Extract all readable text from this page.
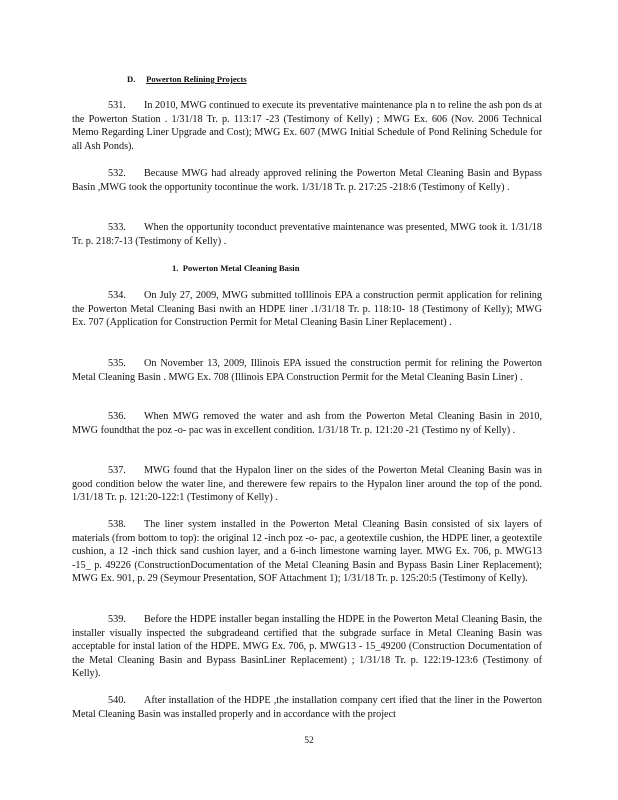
D. Powerton Relining Projects

531. In 2010, MWG continued to execute its preventative maintenance pla n to reline the ash pon ds at the Powerton Station . 1/31/18 Tr. p. 113:17 -23 (Testimony of Kelly) ; MWG Ex. 606 (Nov. 2006 Technical Memo Regarding Liner Upgrade and Cost); MWG Ex. 607 (MWG Initial Schedule of Pond Relining Schedule for all Ash Ponds).

532. Because MWG had already approved relining the Powerton Metal Cleaning Basin and Bypass Basin ,MWG took the opportunity tocontinue the work. 1/31/18 Tr. p. 217:25 -218:6 (Testimony of Kelly) .

533. When the opportunity toconduct preventative maintenance was presented, MWG took it. 1/31/18 Tr. p. 218:7-13 (Testimony of Kelly) .

1. Powerton Metal Cleaning Basin

534. On July 27, 2009, MWG submitted toIllinois EPA a construction permit application for relining the Powerton Metal Cleaning Basi nwith an HDPE liner .1/31/18 Tr. p. 118:10- 18 (Testimony of Kelly); MWG Ex. 707 (Application for Construction Permit for Metal Cleaning Basin Liner Replacement) .

535. On November 13, 2009, Illinois EPA issued the construction permit for relining the Powerton Metal Cleaning Basin . MWG Ex. 708 (Illinois EPA Construction Permit for the Metal Cleaning Basin Liner) .

536. When MWG removed the water and ash from the Powerton Metal Cleaning Basin in 2010, MWG foundthat the poz -o- pac was in excellent condition. 1/31/18 Tr. p. 121:20 -21 (Testimo ny of Kelly) .

537. MWG found that the Hypalon liner on the sides of the Powerton Metal Cleaning Basin was in good condition below the water line, and therewere few repairs to the Hypalon liner around the top of the pond. 1/31/18 Tr. p. 121:20-122:1 (Testimony of Kelly) .

538. The liner system installed in the Powerton Metal Cleaning Basin consisted of six layers of materials (from bottom to top): the original 12 -inch poz -o- pac, a geotextile cushion, the HDPE liner, a geotextile cushion, a 12 -inch thick sand cushion layer, and a 6-inch limestone warning layer. MWG Ex. 706, p. MWG13 -15_ p. 49226 (ConstructionDocumentation of the Metal Cleaning Basin and Bypass Basin Liner Replacement); MWG Ex. 901, p. 29 (Seymour Presentation, SOF Attachment 1); 1/31/18 Tr. p. 125:20:5 (Testimony of Kelly).

539. Before the HDPE installer began installing the HDPE in the Powerton Metal Cleaning Basin, the installer visually inspected the subgradeand certified that the subgrade surface in Metal Cleaning Basin was acceptable for instal lation of the HDPE. MWG Ex. 706, p. MWG13 - 15_49200 (Construction Documentation of the Metal Cleaning Basin and Bypass BasinLiner Replacement) ; 1/31/18 Tr. p. 122:19-123:6 (Testimony of Kelly).

540. After installation of the HDPE ,the installation company cert ified that the liner in the Powerton Metal Cleaning Basin was installed properly and in accordance with the project

52
